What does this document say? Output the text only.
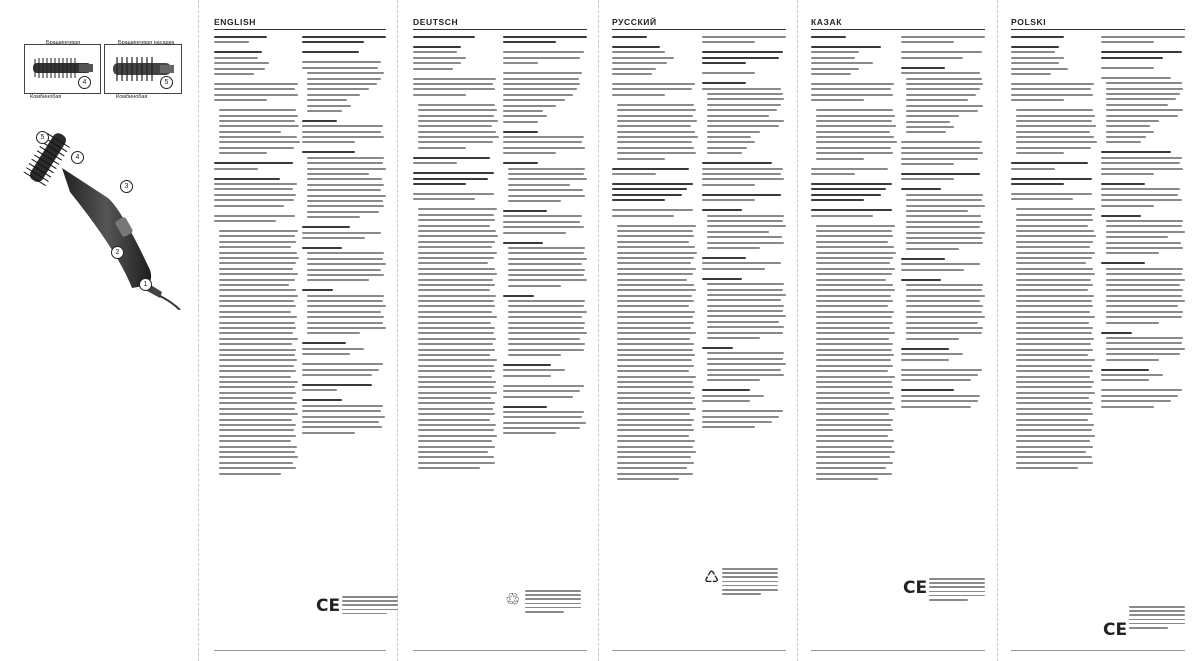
Брашинговая
Комбинобая
4
Брашинговая насадка
Комбинобая
5
5
4
3
2
1
ENGLISH
CE
DEUTSCH
♲
РУССКИЙ
♺
КАЗАК
CE
POLSKI
CE
